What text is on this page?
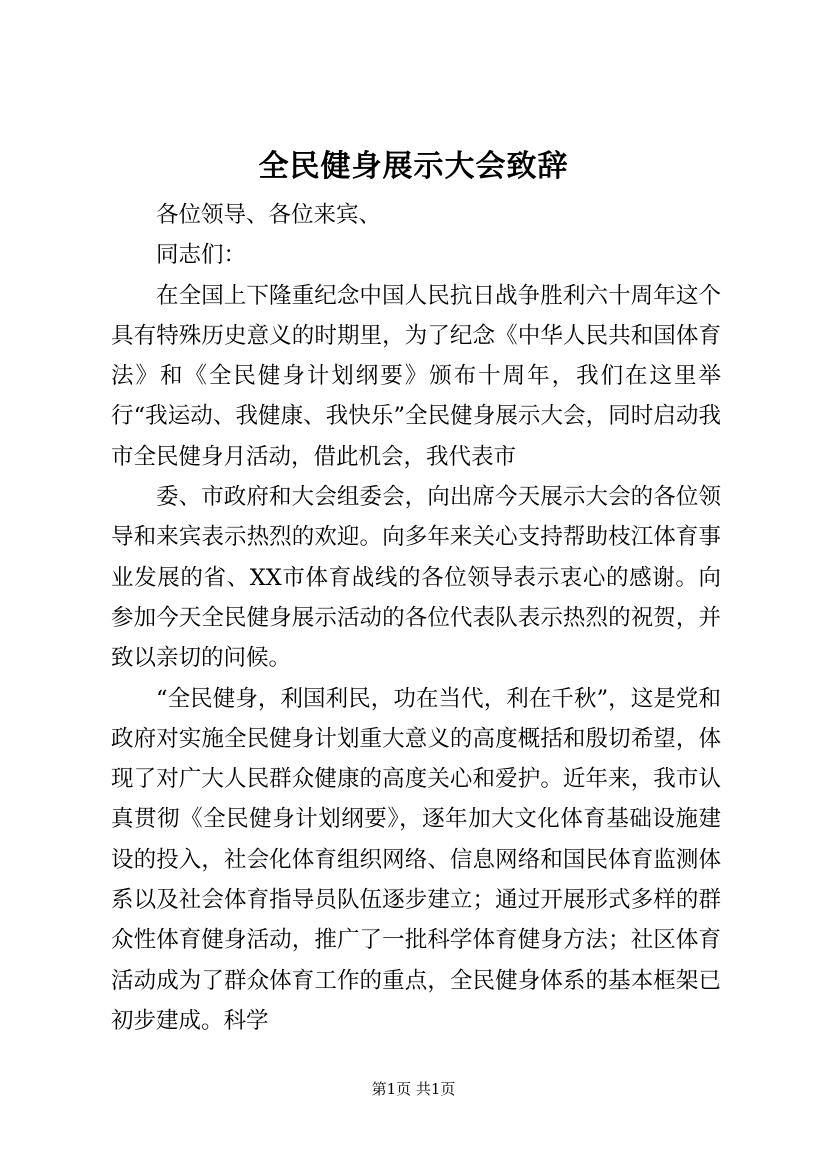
全民健身展示大会致辞

各位领导、各位来宾、

同志们：

在全国上下隆重纪念中国人民抗日战争胜利六十周年这个具有特殊历史意义的时期里，为了纪念《中华人民共和国体育法》和《全民健身计划纲要》颁布十周年，我们在这里举行“我运动、我健康、我快乐”全民健身展示大会，同时启动我市全民健身月活动，借此机会，我代表市

委、市政府和大会组委会，向出席今天展示大会的各位领导和来宾表示热烈的欢迎。向多年来关心支持帮助枝江体育事业发展的省、XX市体育战线的各位领导表示衷心的感谢。向参加今天全民健身展示活动的各位代表队表示热烈的祝贺，并致以亲切的问候。

“全民健身，利国利民，功在当代，利在千秋”，这是党和政府对实施全民健身计划重大意义的高度概括和殷切希望，体现了对广大人民群众健康的高度关心和爱护。近年来，我市认真贯彻《全民健身计划纲要》，逐年加大文化体育基础设施建设的投入，社会化体育组织网络、信息网络和国民体育监测体系以及社会体育指导员队伍逐步建立；通过开展形式多样的群众性体育健身活动，推广了一批科学体育健身方法；社区体育活动成为了群众体育工作的重点，全民健身体系的基本框架已初步建成。科学

第1页 共1页
